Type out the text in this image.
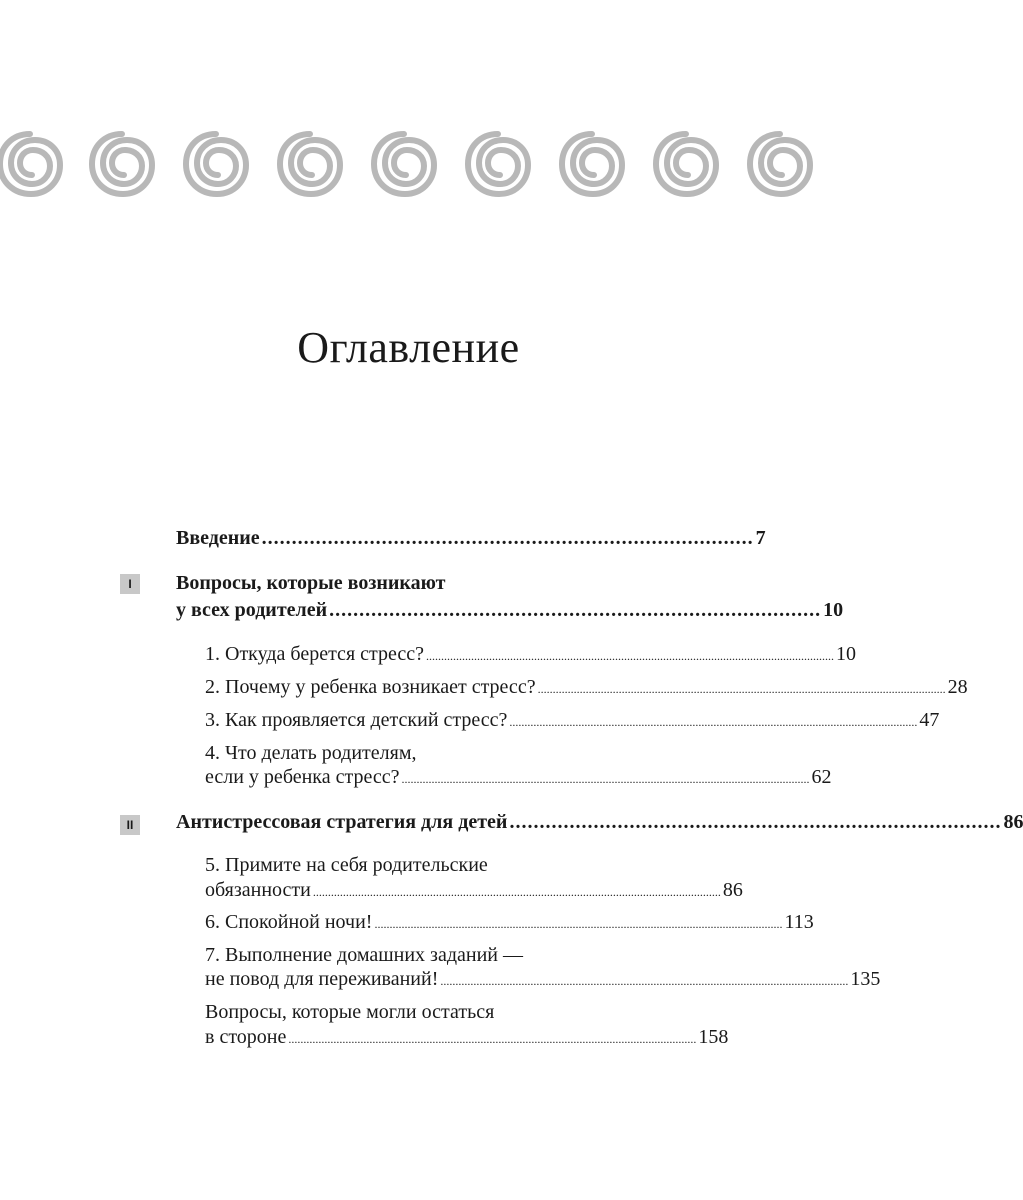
Оглавление
Введение .................................................................................. 7
I	Вопросы, которые возникают
у всех родителей .................................................................................. 10
1. Откуда берется стресс? ........................................................................................................................................ 10
2. Почему у ребенка возникает стресс? ........................................................................................................................................ 28
3. Как проявляется детский стресс? ........................................................................................................................................ 47
4. Что делать родителям,
если у ребенка стресс? ........................................................................................................................................ 62
II	Антистрессовая стратегия для детей .................................................................................. 86
5. Примите на себя родительские
обязанности ........................................................................................................................................ 86
6. Спокойной ночи! ........................................................................................................................................ 113
7. Выполнение домашних заданий —
не повод для переживаний! ........................................................................................................................................ 135
Вопросы, которые могли остаться
в стороне ........................................................................................................................................ 158
